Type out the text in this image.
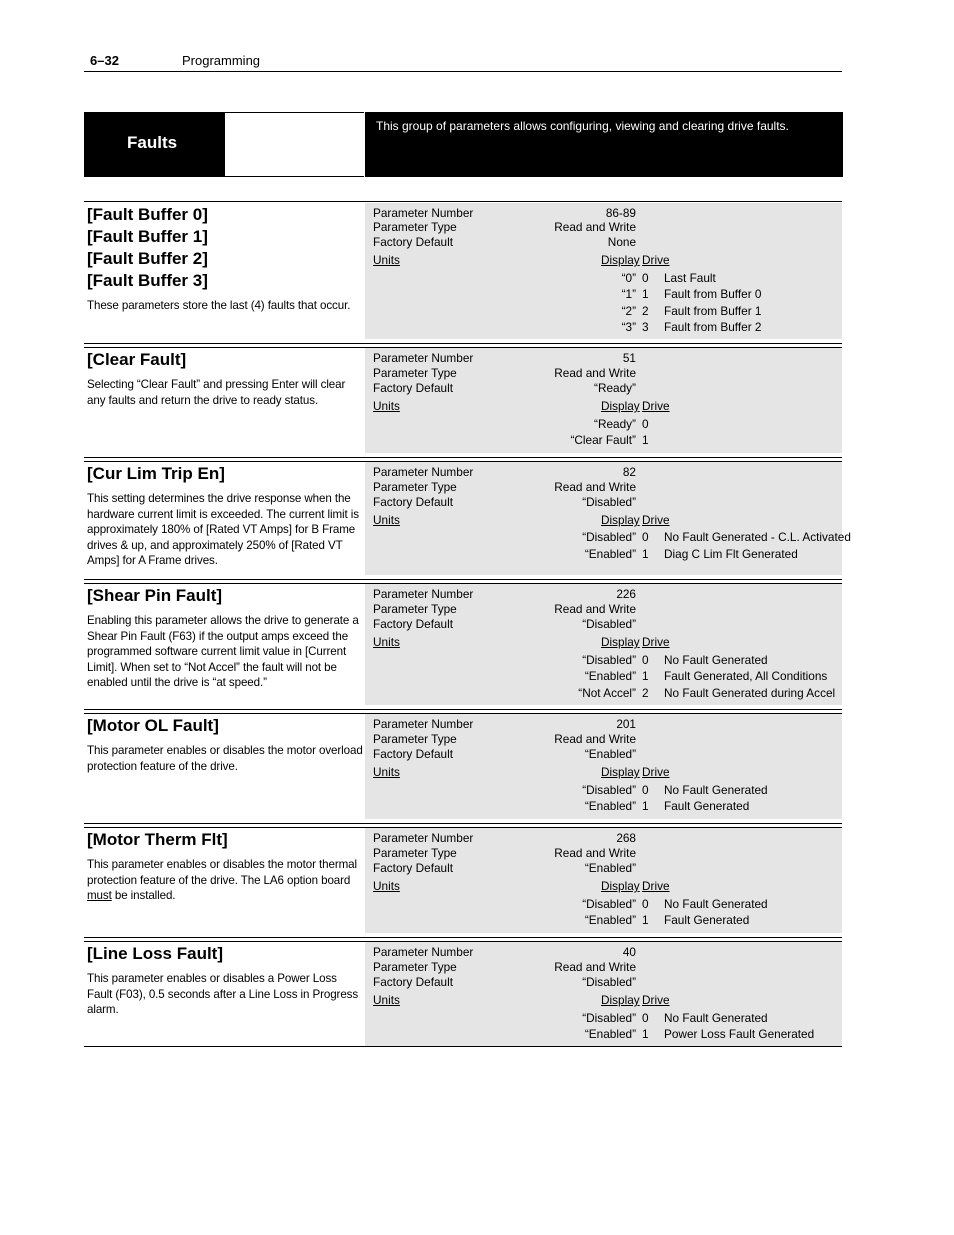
6–32	Programming
Faults
This group of parameters allows configuring, viewing and clearing drive faults.
[Fault Buffer 0]
[Fault Buffer 1]
[Fault Buffer 2]
[Fault Buffer 3]
These parameters store the last (4) faults that occur.
Parameter Number	86-89
Parameter Type	Read and Write
Factory Default	None
Units	Display Drive
“0” 0 Last Fault
“1” 1 Fault from Buffer 0
“2” 2 Fault from Buffer 1
“3” 3 Fault from Buffer 2
[Clear Fault]
Selecting “Clear Fault” and pressing Enter will clear any faults and return the drive to ready status.
Parameter Number	51
Parameter Type	Read and Write
Factory Default	“Ready”
Units	Display Drive
“Ready” 0
“Clear Fault” 1
[Cur Lim Trip En]
This setting determines the drive response when the hardware current limit is exceeded. The current limit is approximately 180% of [Rated VT Amps] for B Frame drives & up, and approximately 250% of [Rated VT Amps] for A Frame drives.
Parameter Number	82
Parameter Type	Read and Write
Factory Default	“Disabled”
Units	Display Drive
“Disabled” 0 No Fault Generated - C.L. Activated
“Enabled” 1 Diag C Lim Flt Generated
[Shear Pin Fault]
Enabling this parameter allows the drive to generate a Shear Pin Fault (F63) if the output amps exceed the programmed software current limit value in [Current Limit]. When set to “Not Accel” the fault will not be enabled until the drive is “at speed.”
Parameter Number	226
Parameter Type	Read and Write
Factory Default	“Disabled”
Units	Display Drive
“Disabled” 0 No Fault Generated
“Enabled” 1 Fault Generated, All Conditions
“Not Accel” 2 No Fault Generated during Accel
[Motor OL Fault]
This parameter enables or disables the motor overload protection feature of the drive.
Parameter Number	201
Parameter Type	Read and Write
Factory Default	“Enabled”
Units	Display Drive
“Disabled” 0 No Fault Generated
“Enabled” 1 Fault Generated
[Motor Therm Flt]
This parameter enables or disables the motor thermal protection feature of the drive. The LA6 option board must be installed.
Parameter Number	268
Parameter Type	Read and Write
Factory Default	“Enabled”
Units	Display Drive
“Disabled” 0 No Fault Generated
“Enabled” 1 Fault Generated
[Line Loss Fault]
This parameter enables or disables a Power Loss Fault (F03), 0.5 seconds after a Line Loss in Progress alarm.
Parameter Number	40
Parameter Type	Read and Write
Factory Default	“Disabled”
Units	Display Drive
“Disabled” 0 No Fault Generated
“Enabled” 1 Power Loss Fault Generated
